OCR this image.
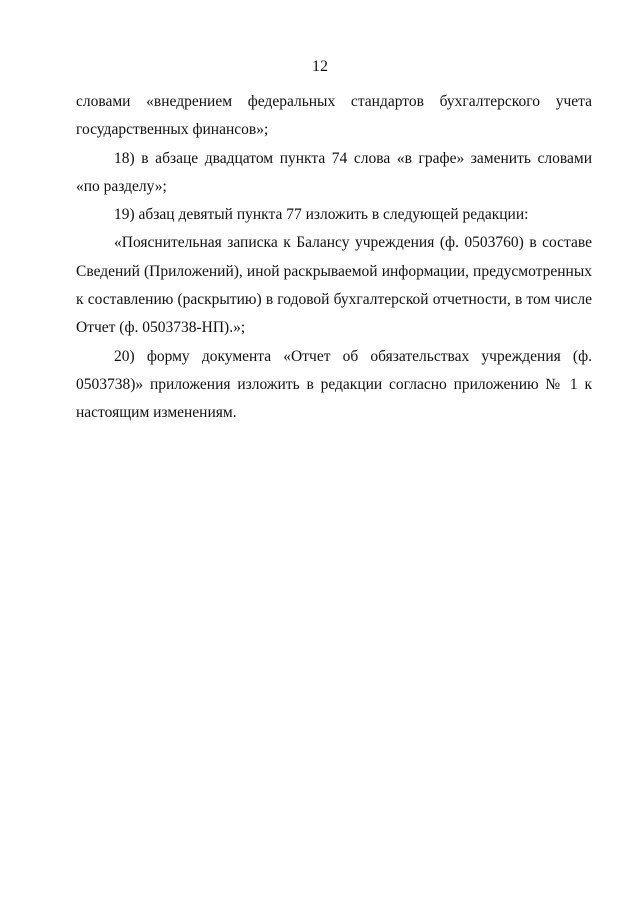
12

словами «внедрением федеральных стандартов бухгалтерского учета государственных финансов»;

18) в абзаце двадцатом пункта 74 слова «в графе» заменить словами «по разделу»;

19) абзац девятый пункта 77 изложить в следующей редакции:

«Пояснительная записка к Балансу учреждения (ф. 0503760) в составе Сведений (Приложений), иной раскрываемой информации, предусмотренных к составлению (раскрытию) в годовой бухгалтерской отчетности, в том числе Отчет (ф. 0503738-НП).»;

20) форму документа «Отчет об обязательствах учреждения (ф. 0503738)» приложения изложить в редакции согласно приложению № 1 к настоящим изменениям.
